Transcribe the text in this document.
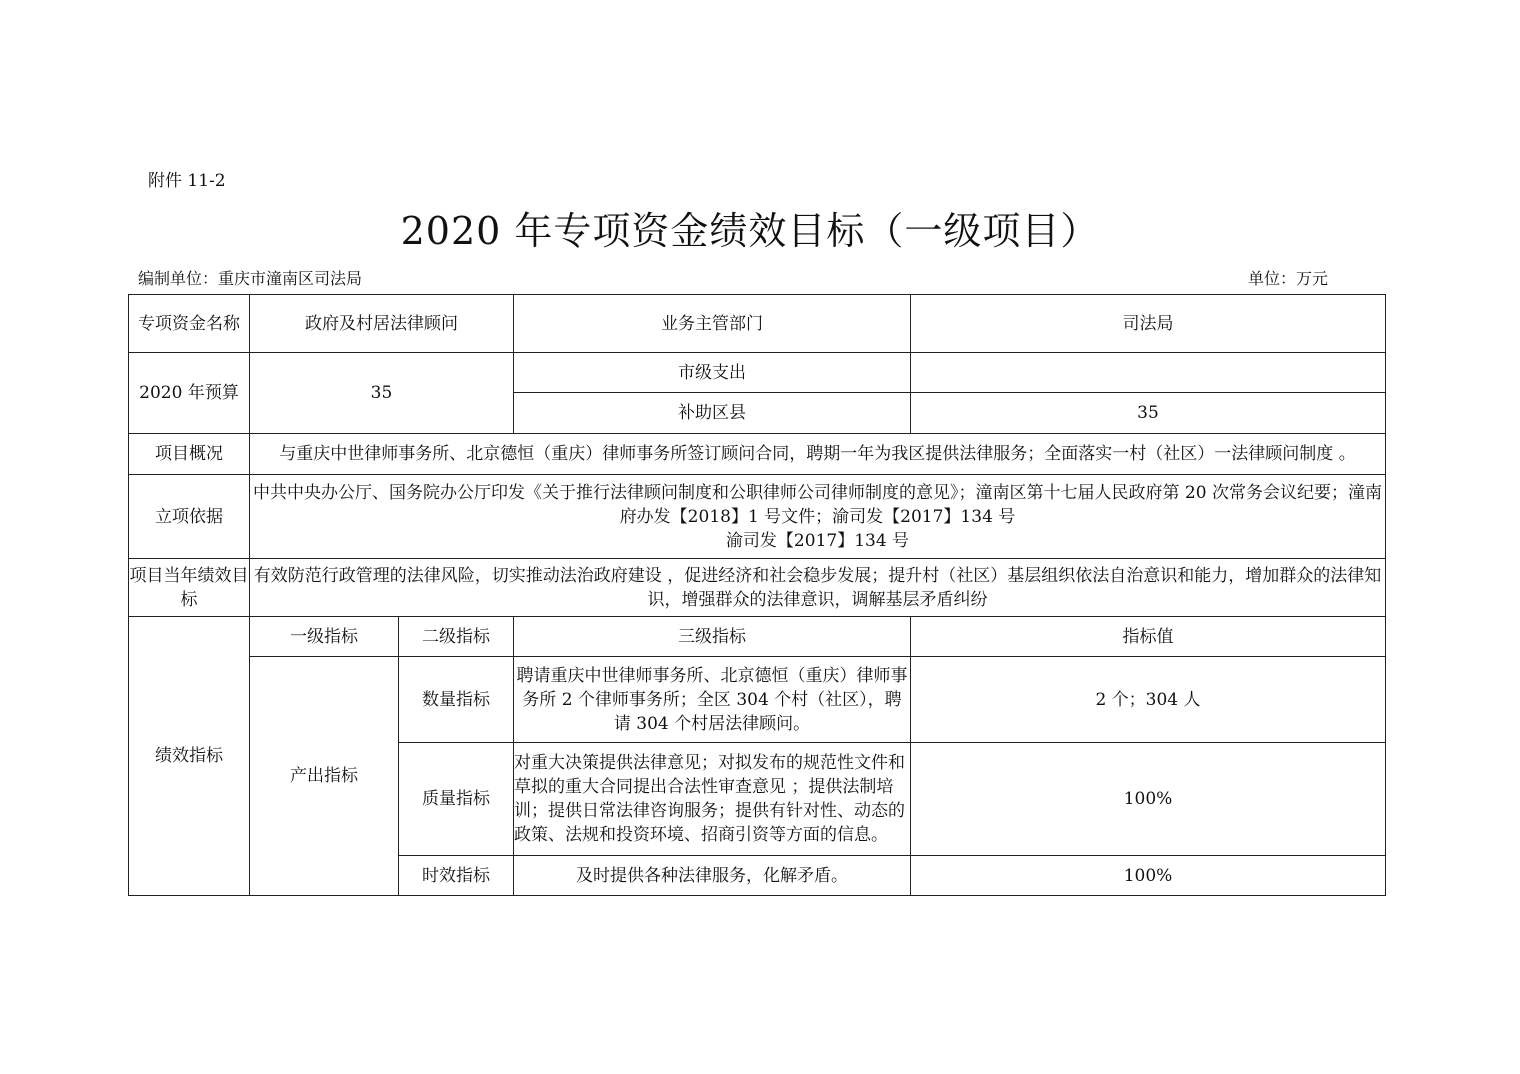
附件 11-2
2020 年专项资金绩效目标（一级项目）
编制单位：重庆市潼南区司法局	单位：万元
专项资金名称	政府及村居法律顾问		业务主管部门	司法局
2020 年预算	35		市级支出	
			补助区县	35
项目概况	与重庆中世律师事务所、北京德恒（重庆）律师事务所签订顾问合同，聘期一年为我区提供法律服务；全面落实一村（社区）一法律顾问制度 。			
立项依据	中共中央办公厅、国务院办公厅印发《关于推行法律顾问制度和公职律师公司律师制度的意见》；潼南区第十七届人民政府第 20 次常务会议纪要；潼南府办发【2018】1 号文件；渝司发【2017】134 号
渝司发【2017】134 号			

项目当年绩效目标	有效防范行政管理的法律风险，切实推动法治政府建设 ，促进经济和社会稳步发展；提升村（社区）基层组织依法自治意识和能力，增加群众的法律知识，增强群众的法律意识，调解基层矛盾纠纷			
绩效指标	一级指标	二级指标	三级指标	指标值
	产出指标	数量指标	聘请重庆中世律师事务所、北京德恒（重庆）律师事务所 2 个律师事务所；全区 304 个村（社区），聘请 304 个村居法律顾问。	2 个；304 人
		质量指标	对重大决策提供法律意见；对拟发布的规范性文件和草拟的重大合同提出合法性审查意见 ；提供法制培训；提供日常法律咨询服务；提供有针对性、动态的政策、法规和投资环境、招商引资等方面的信息。	100%
		时效指标	及时提供各种法律服务，化解矛盾。	100%
